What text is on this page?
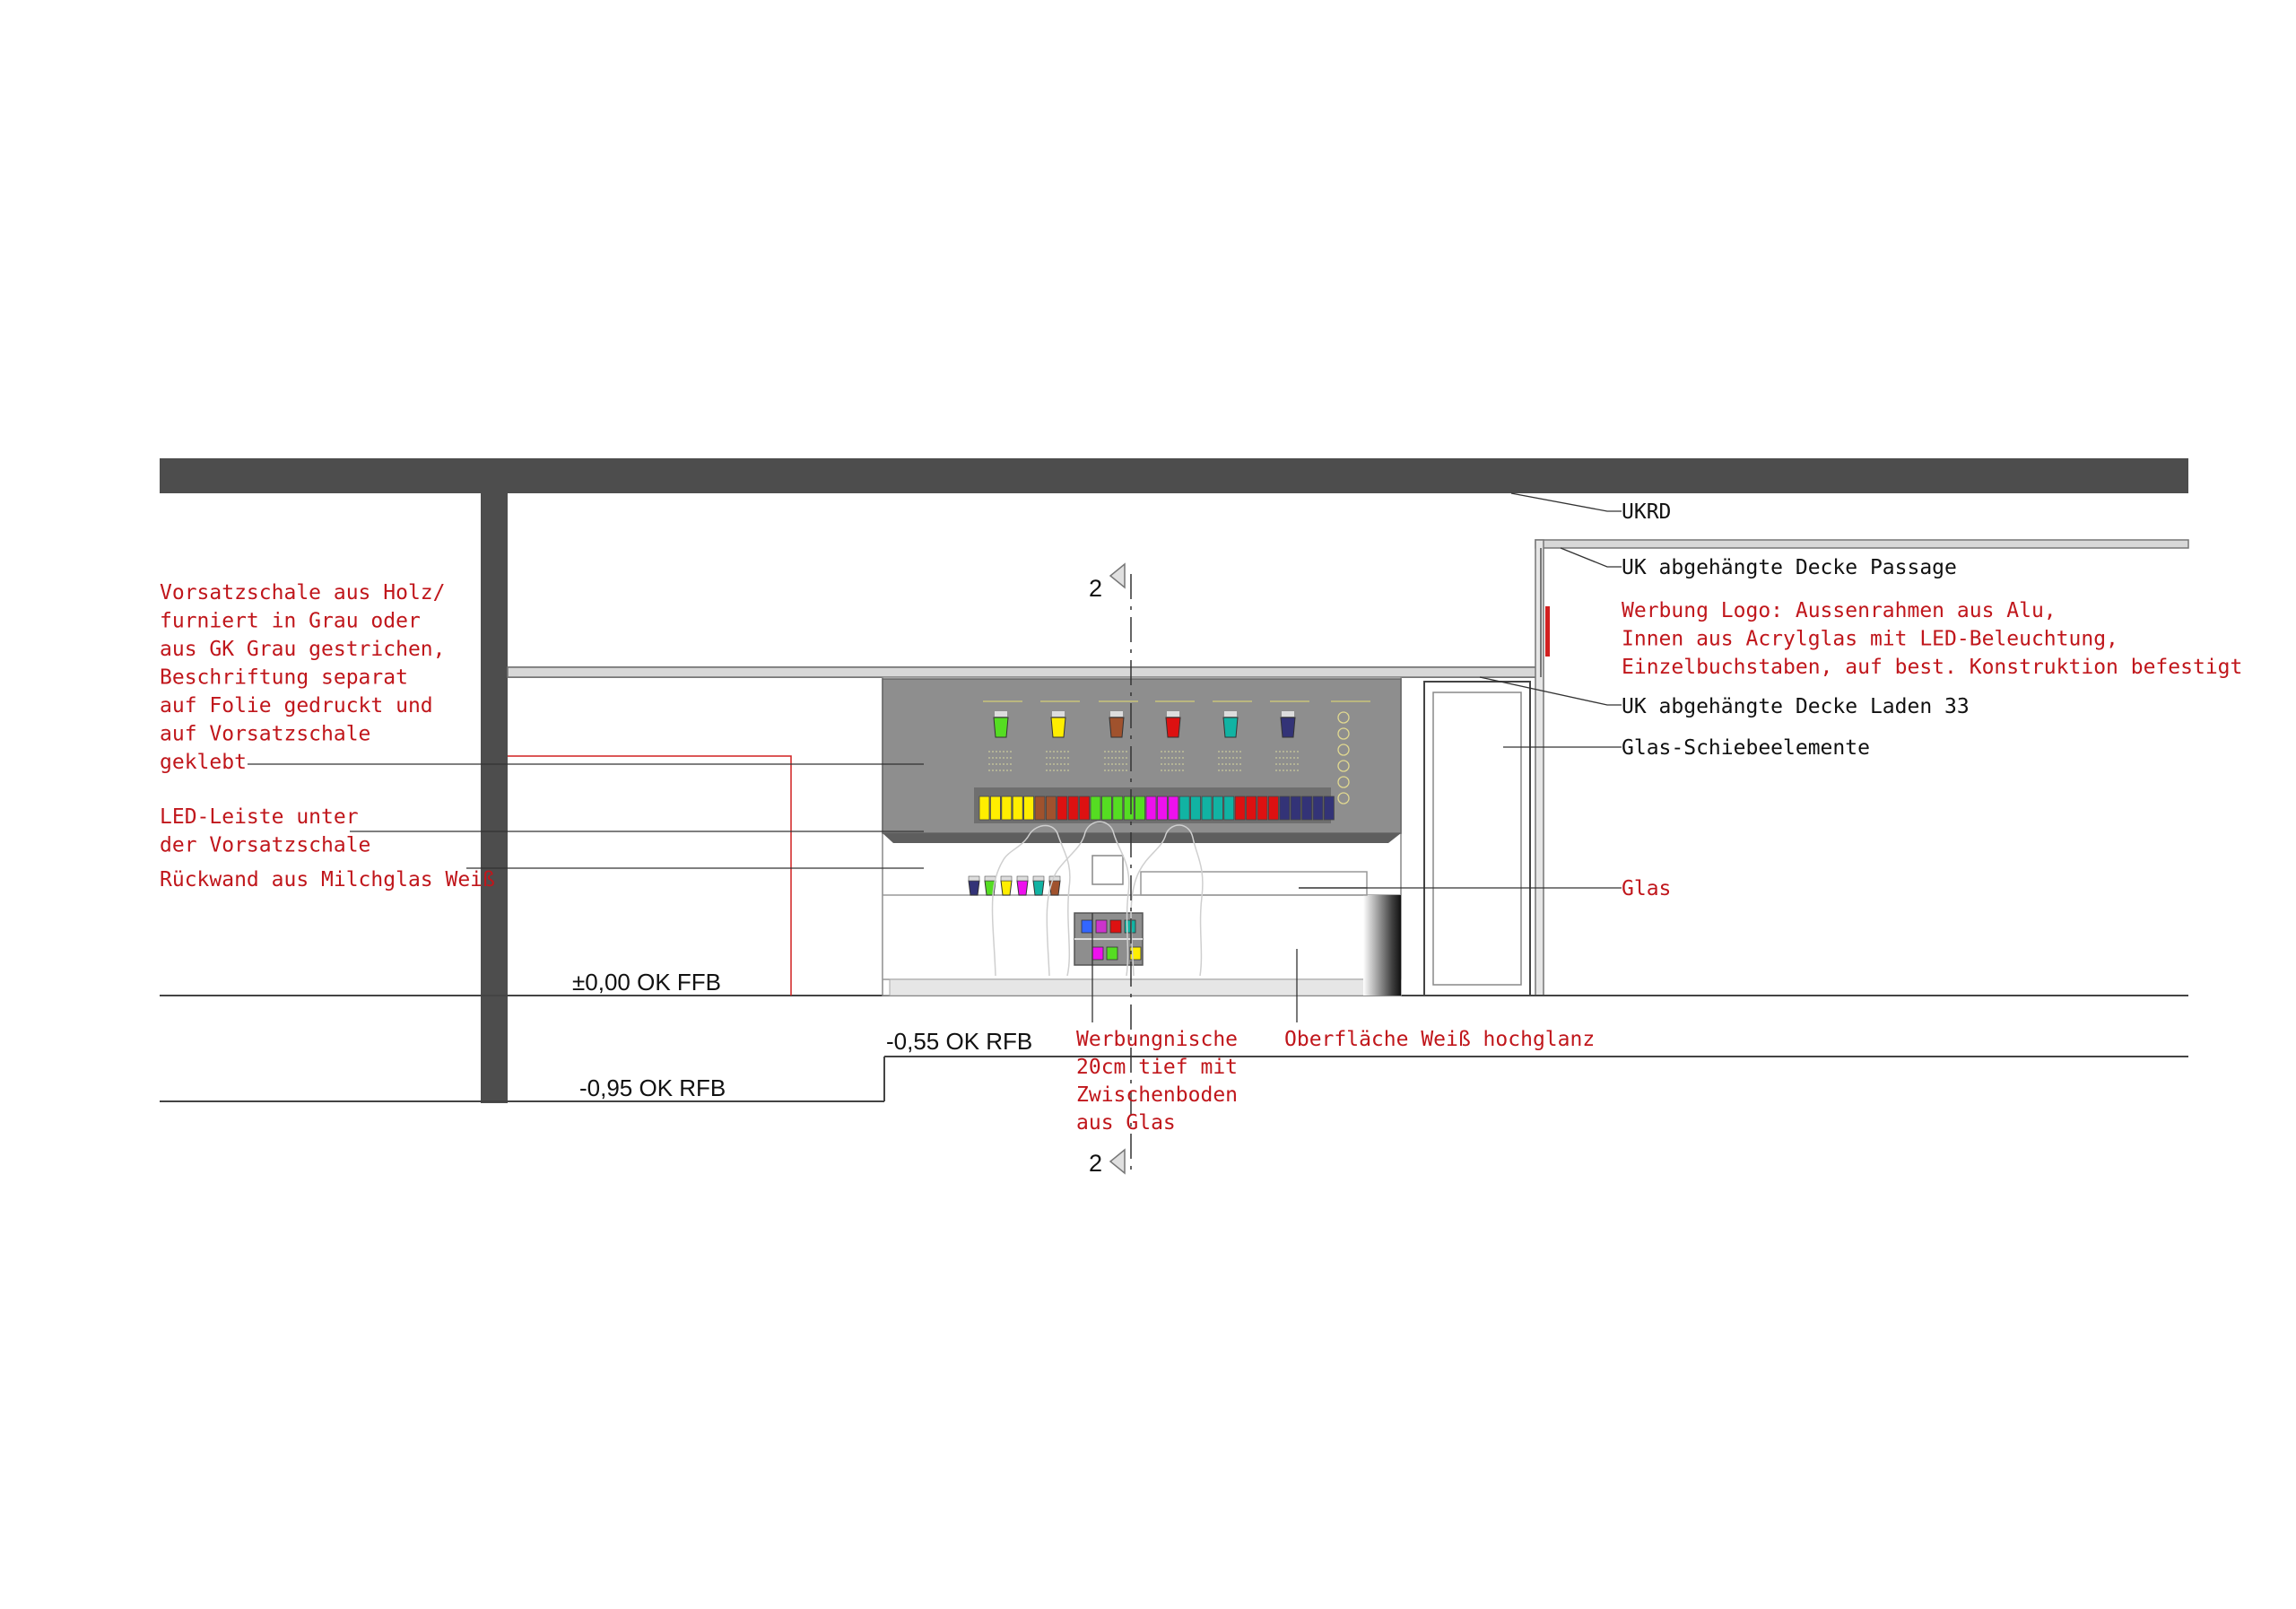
2
2
Vorsatzschale aus Holz/ furniert in Grau oder aus GK Grau gestrichen, Beschriftung separat auf Folie gedruckt und auf Vorsatzschale geklebt
LED-Leiste unter der Vorsatzschale
Rückwand aus Milchglas Weiß
UKRD
UK abgehängte Decke Passage
Werbung Logo: Aussenrahmen aus Alu, Innen aus Acrylglas mit LED-Beleuchtung, Einzelbuchstaben, auf best. Konstruktion befestigt
UK abgehängte Decke Laden 33
Glas-Schiebeelemente
Glas
Werbungnische 20cm tief mit Zwischenboden aus Glas
Oberfläche Weiß hochglanz
±0,00 OK FFB
-0,55 OK RFB
-0,95 OK RFB
